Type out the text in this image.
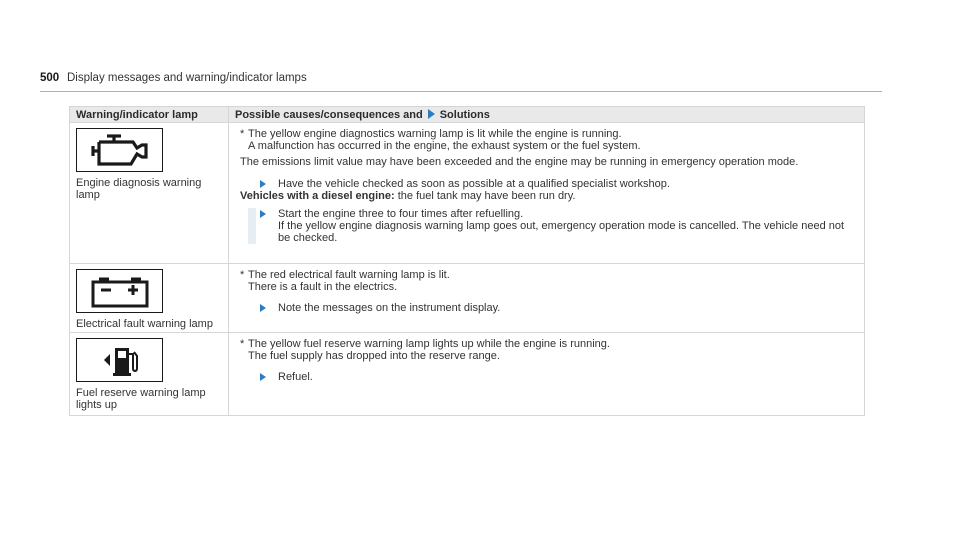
500 Display messages and warning/indicator lamps
Warning/indicator lamp	Possible causes/consequences and Solutions
Engine diagnosis warning lamp
* The yellow engine diagnostics warning lamp is lit while the engine is running.
A malfunction has occurred in the engine, the exhaust system or the fuel system.
The emissions limit value may have been exceeded and the engine may be running in emergency operation mode.
Have the vehicle checked as soon as possible at a qualified specialist workshop.
Vehicles with a diesel engine: the fuel tank may have been run dry.
Start the engine three to four times after refuelling.
If the yellow engine diagnosis warning lamp goes out, emergency operation mode is cancelled. The vehicle need not be checked.
Electrical fault warning lamp
* The red electrical fault warning lamp is lit.
There is a fault in the electrics.
Note the messages on the instrument display.
Fuel reserve warning lamp lights up
* The yellow fuel reserve warning lamp lights up while the engine is running.
The fuel supply has dropped into the reserve range.
Refuel.
